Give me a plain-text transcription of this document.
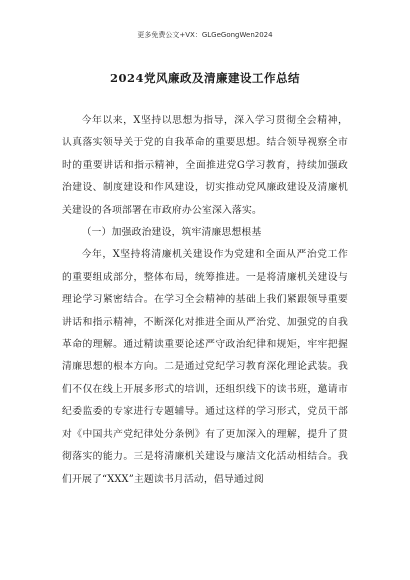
更多免费公文+VX：GLGeGongWen2024
2024党风廉政及清廉建设工作总结

今年以来，X坚持以思想为指导，深入学习贯彻全会精神，认真落实领导关于党的自我革命的重要思想。结合领导视察全市时的重要讲话和指示精神，全面推进党G学习教育，持续加强政治建设、制度建设和作风建设，切实推动党风廉政建设及清廉机关建设的各项部署在市政府办公室深入落实。

（一）加强政治建设，筑牢清廉思想根基

今年，X坚持将清廉机关建设作为党建和全面从严治党工作的重要组成部分，整体布局，统筹推进。一是将清廉机关建设与理论学习紧密结合。在学习全会精神的基础上我们紧跟领导重要讲话和指示精神，不断深化对推进全面从严治党、加强党的自我革命的理解。通过精读重要论述严守政治纪律和规矩，牢牢把握清廉思想的根本方向。二是通过党纪学习教育深化理论武装。我们不仅在线上开展多形式的培训，还组织线下的读书班，邀请市纪委监委的专家进行专题辅导。通过这样的学习形式，党员干部对《中国共产党纪律处分条例》有了更加深入的理解，提升了贯彻落实的能力。三是将清廉机关建设与廉洁文化活动相结合。我们开展了“XXX”主题读书月活动，倡导通过阅
